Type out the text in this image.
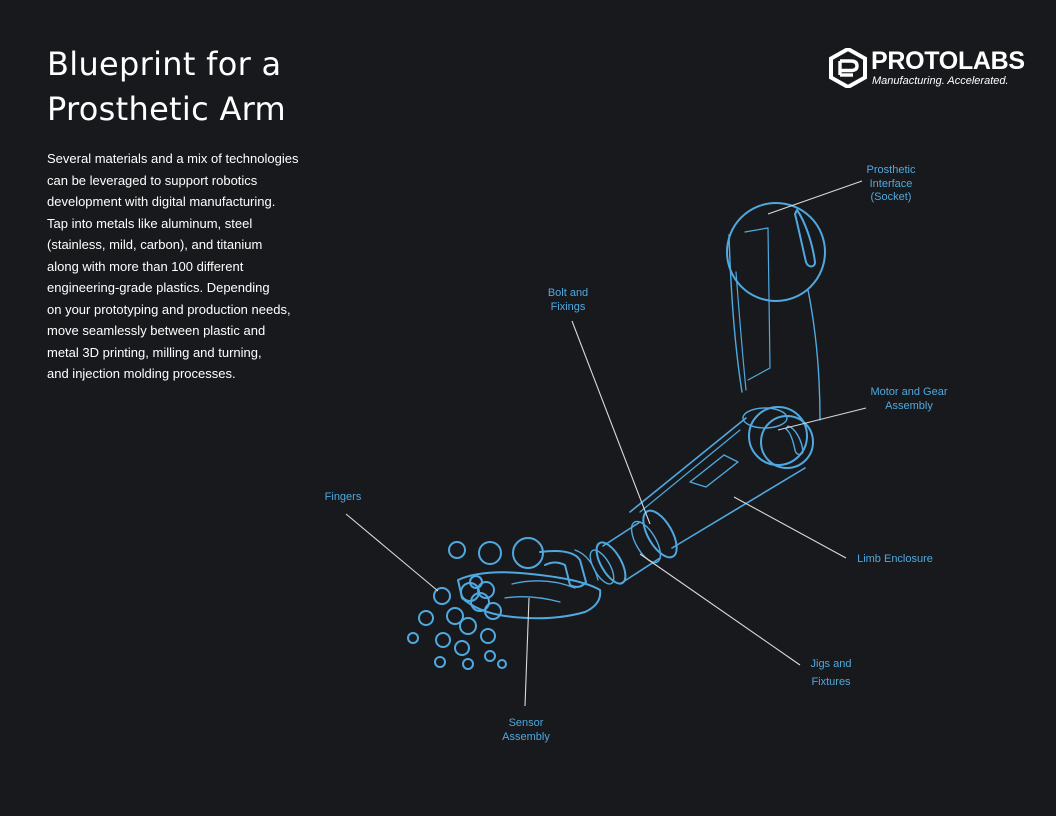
Blueprint for a
Prosthetic Arm

Several materials and a mix of technologies
can be leveraged to support robotics
development with digital manufacturing.
Tap into metals like aluminum, steel
(stainless, mild, carbon), and titanium
along with more than 100 different
engineering-grade plastics. Depending
on your prototyping and production needs,
move seamlessly between plastic and
metal 3D printing, milling and turning,
and injection molding processes.

PROTOLABS
Manufacturing. Accelerated.
Prosthetic
Interface
(Socket)
Bolt and
Fixings
Motor and Gear
Assembly
Fingers
Limb Enclosure
Jigs and
Fixtures
Sensor
Assembly
